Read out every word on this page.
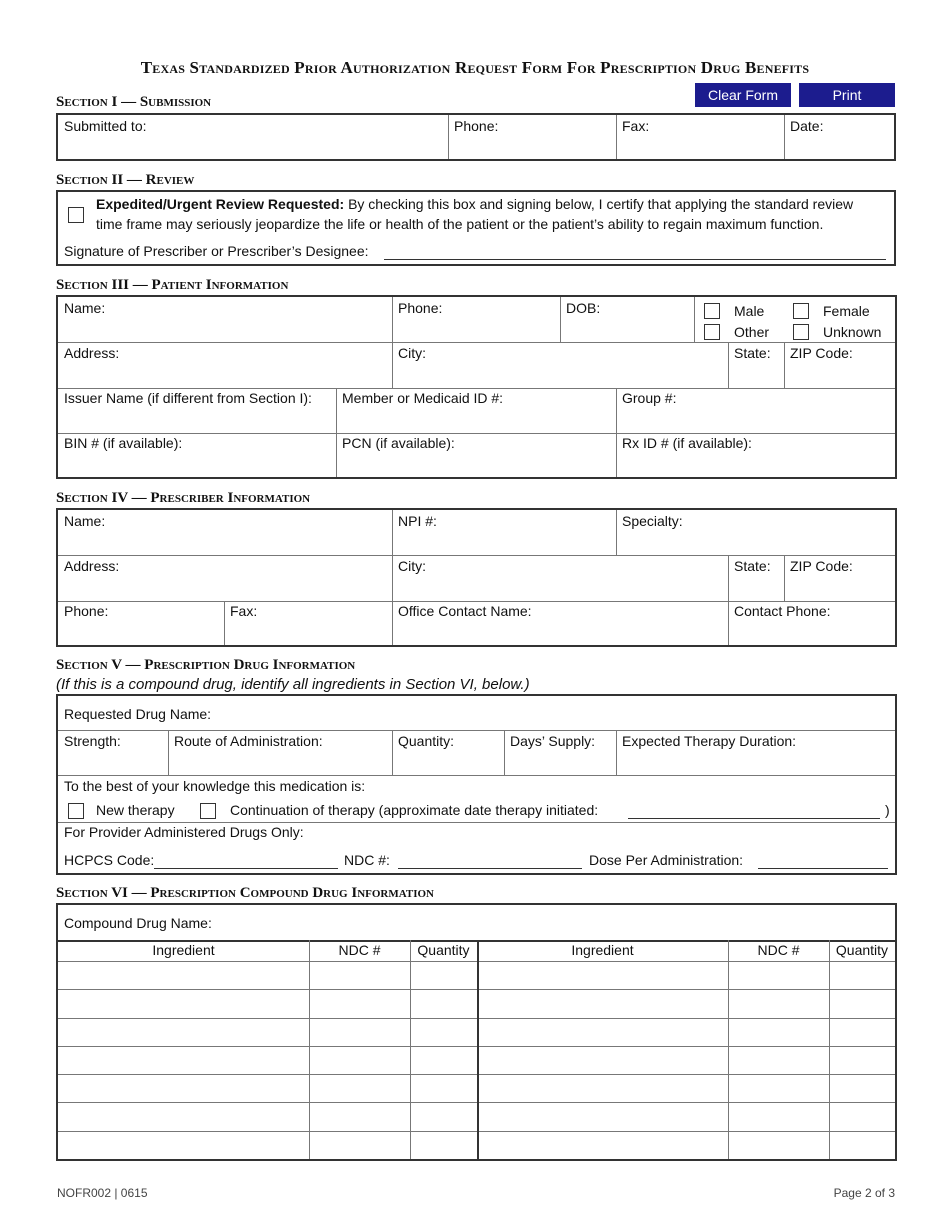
Texas Standardized Prior Authorization Request Form For Prescription Drug Benefits
Clear Form	Print
Section I — Submission
Submitted to:	Phone:	Fax:	Date:
Section II — Review
Expedited/Urgent Review Requested: By checking this box and signing below, I certify that applying the standard review
time frame may seriously jeopardize the life or health of the patient or the patient’s ability to regain maximum function.
Signature of Prescriber or Prescriber’s Designee:
Section III — Patient Information
Name:	Phone:	DOB:	Male	Female
Other	Unknown
Address:	City:	State: ZIP Code:
Issuer Name (if different from Section I): Member or Medicaid ID #:	Group #:
BIN # (if available):	PCN (if available):	Rx ID # (if available):
Section IV — Prescriber Information
Name:	NPI #:	Specialty:
Address:	City:	State: ZIP Code:
Phone:	Fax:	Office Contact Name:	Contact Phone:
Section V — Prescription Drug Information
(If this is a compound drug, identify all ingredients in Section VI, below.)
Requested Drug Name:
Strength:	Route of Administration:	Quantity:	Days’ Supply: Expected Therapy Duration:
To the best of your knowledge this medication is:
New therapy	Continuation of therapy (approximate date therapy initiated:	)
For Provider Administered Drugs Only:
HCPCS Code:	NDC #:	Dose Per Administration:
Section VI — Prescription Compound Drug Information
Compound Drug Name:
Ingredient	NDC #	Quantity	Ingredient	NDC #	Quantity
NOFR002 | 0615	Page 2 of 3
